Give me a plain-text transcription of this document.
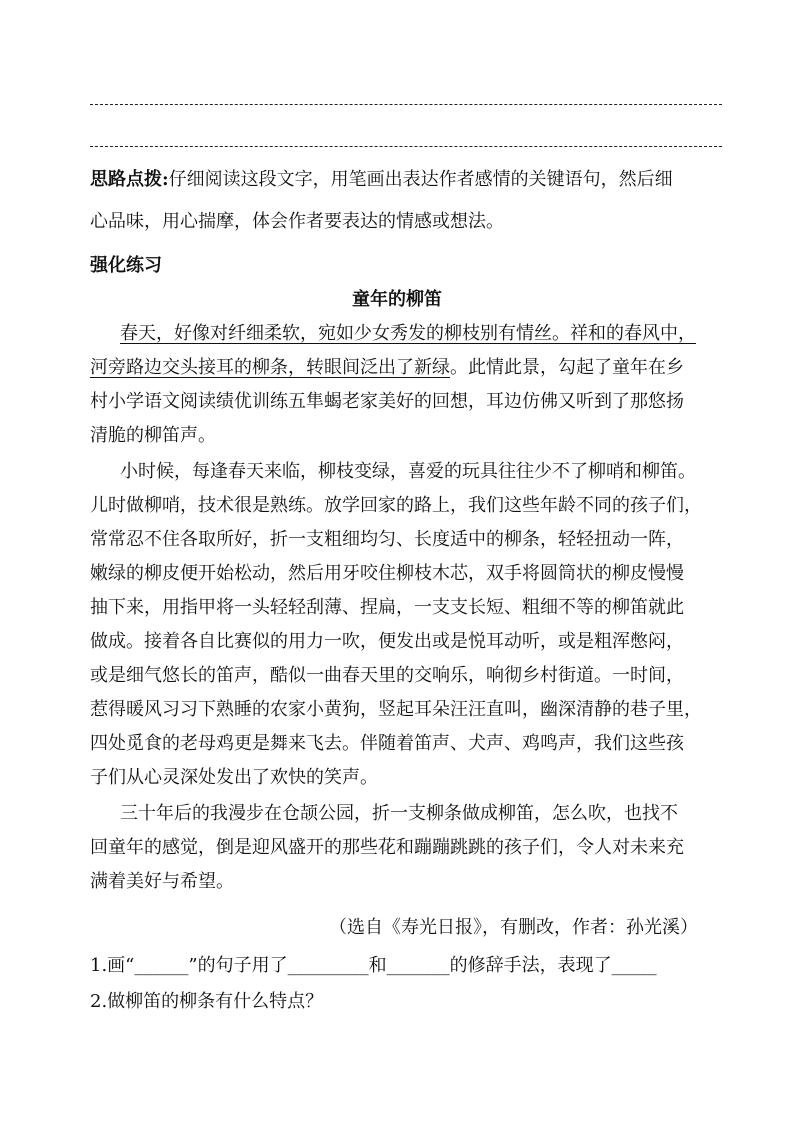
思路点拨:仔细阅读这段文字，用笔画出表达作者感情的关键语句，然后细
心品味，用心揣摩，体会作者要表达的情感或想法。
强化练习
童年的柳笛
春天，好像对纤细柔软，宛如少女秀发的柳枝别有情丝。祥和的春风中，
河旁路边交头接耳的柳条，转眼间泛出了新绿。此情此景，勾起了童年在乡
村小学语文阅读绩优训练五隼蝎老家美好的回想，耳边仿佛又听到了那悠扬
清脆的柳笛声。
小时候，每逢春天来临，柳枝变绿，喜爱的玩具往往少不了柳哨和柳笛。
儿时做柳哨，技术很是熟练。放学回家的路上，我们这些年龄不同的孩子们，
常常忍不住各取所好，折一支粗细均匀、长度适中的柳条，轻轻扭动一阵，
嫩绿的柳皮便开始松动，然后用牙咬住柳枝木芯，双手将圆筒状的柳皮慢慢
抽下来，用指甲将一头轻轻刮薄、捏扁，一支支长短、粗细不等的柳笛就此
做成。接着各自比赛似的用力一吹，便发出或是悦耳动听，或是粗浑憋闷，
或是细气悠长的笛声，酷似一曲春天里的交响乐，响彻乡村街道。一时间，
惹得暖风习习下熟睡的农家小黄狗，竖起耳朵汪汪直叫，幽深清静的巷子里，
四处觅食的老母鸡更是舞来飞去。伴随着笛声、犬声、鸡鸣声，我们这些孩
子们从心灵深处发出了欢快的笑声。
三十年后的我漫步在仓颉公园，折一支柳条做成柳笛，怎么吹，也找不
回童年的感觉，倒是迎风盛开的那些花和蹦蹦跳跳的孩子们，令人对未来充
满着美好与希望。
（选自《寿光日报》，有删改，作者：孙光溪）
1.画“______”的句子用了_________和_______的修辞手法，表现了_____
2.做柳笛的柳条有什么特点？
